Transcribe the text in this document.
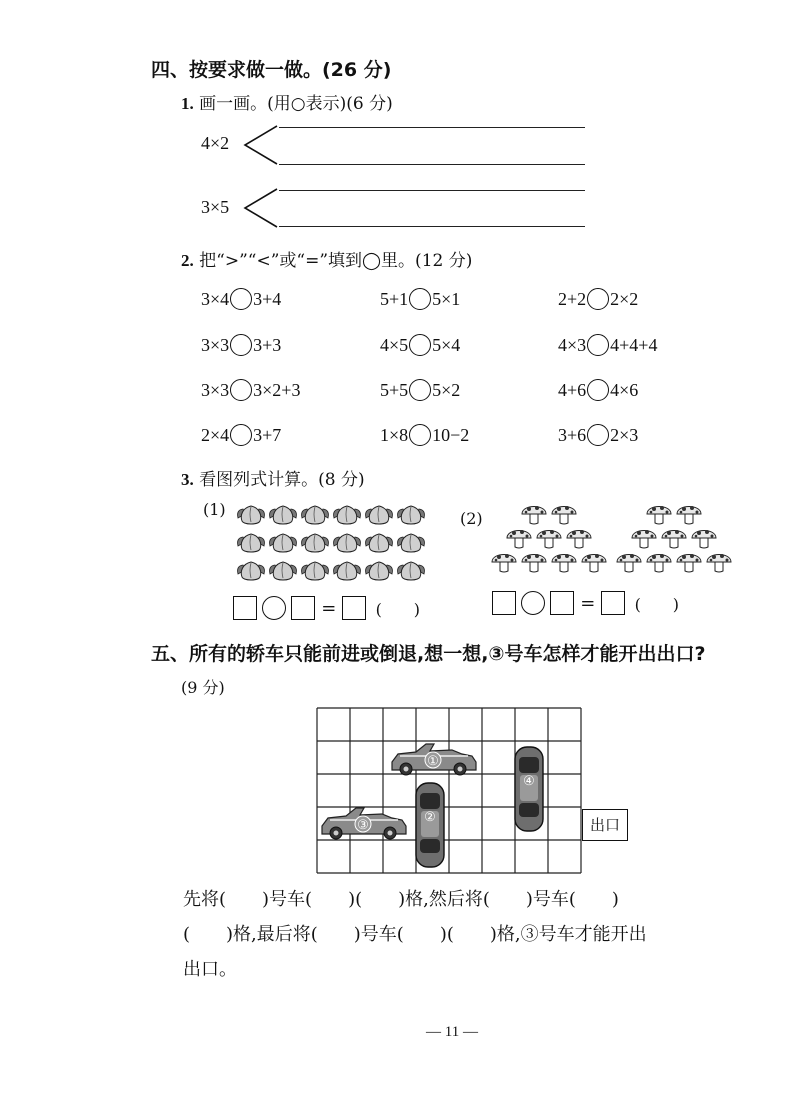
四、按要求做一做。(26 分)
1. 画一画。(用○表示)(6 分)
4×2
3×5
2. 把“>”“<”或“=”填到◯里。(12 分)
3×4 3+4	5+1 5×1	2+2 2×2
3×3 3+3	4×5 5×4	4×3 4+4+4
3×3 3×2+3	5+5 5×2	4+6 4×6
2×4 3+7	1×8 10−2	3+6 2×3
3. 看图列式计算。(8 分)
(1)	(2)
= (　　)	= (　　)
五、所有的轿车只能前进或倒退,想一想,③号车怎样才能开出出口?
(9 分)
①
③
②
④
出口
先将(　　)号车(　　)(　　)格,然后将(　　)号车(　　)
(　　)格,最后将(　　)号车(　　)(　　)格,③号车才能开出
出口。
— 11 —
